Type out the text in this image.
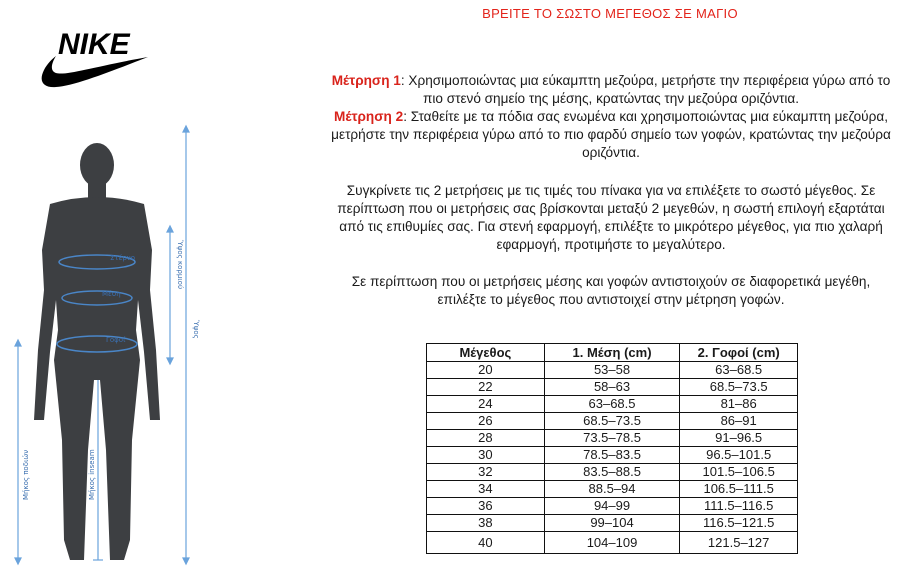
NIKE
Στέρνο
Μέση
Γοφοί
Ύψος κορμιού
Ύψος
Μήκος ποδιών	Μήκος inseam
ΒΡΕΙΤΕ ΤΟ ΣΩΣΤΟ ΜΕΓΕΘΟΣ ΣΕ ΜΑΓΙΟ
Μέτρηση 1: Χρησιμοποιώντας μια εύκαμπτη μεζούρα, μετρήστε την περιφέρεια γύρω από το πιο στενό σημείο της μέσης, κρατώντας την μεζούρα οριζόντια.
Μέτρηση 2: Σταθείτε με τα πόδια σας ενωμένα και χρησιμοποιώντας μια εύκαμπτη μεζούρα, μετρήστε την περιφέρεια γύρω από το πιο φαρδύ σημείο των γοφών, κρατώντας την μεζούρα οριζόντια.
Συγκρίνετε τις 2 μετρήσεις με τις τιμές του πίνακα για να επιλέξετε το σωστό μέγεθος. Σε περίπτωση που οι μετρήσεις σας βρίσκονται μεταξύ 2 μεγεθών, η σωστή επιλογή εξαρτάται από τις επιθυμίες σας. Για στενή εφαρμογή, επιλέξτε το μικρότερο μέγεθος, για πιο χαλαρή εφαρμογή, προτιμήστε το μεγαλύτερο.
Σε περίπτωση που οι μετρήσεις μέσης και γοφών αντιστοιχούν σε διαφορετικά μεγέθη, επιλέξτε το μέγεθος που αντιστοιχεί στην μέτρηση γοφών.
Μέγεθος	1. Μέση (cm)	2. Γοφοί (cm)
20	53–58	63–68.5
22	58–63	68.5–73.5
24	63–68.5	81–86
26	68.5–73.5	86–91
28	73.5–78.5	91–96.5
30	78.5–83.5	96.5–101.5
32	83.5–88.5	101.5–106.5
34	88.5–94	106.5–111.5
36	94–99	111.5–116.5
38	99–104	116.5–121.5
40	104–109	121.5–127
